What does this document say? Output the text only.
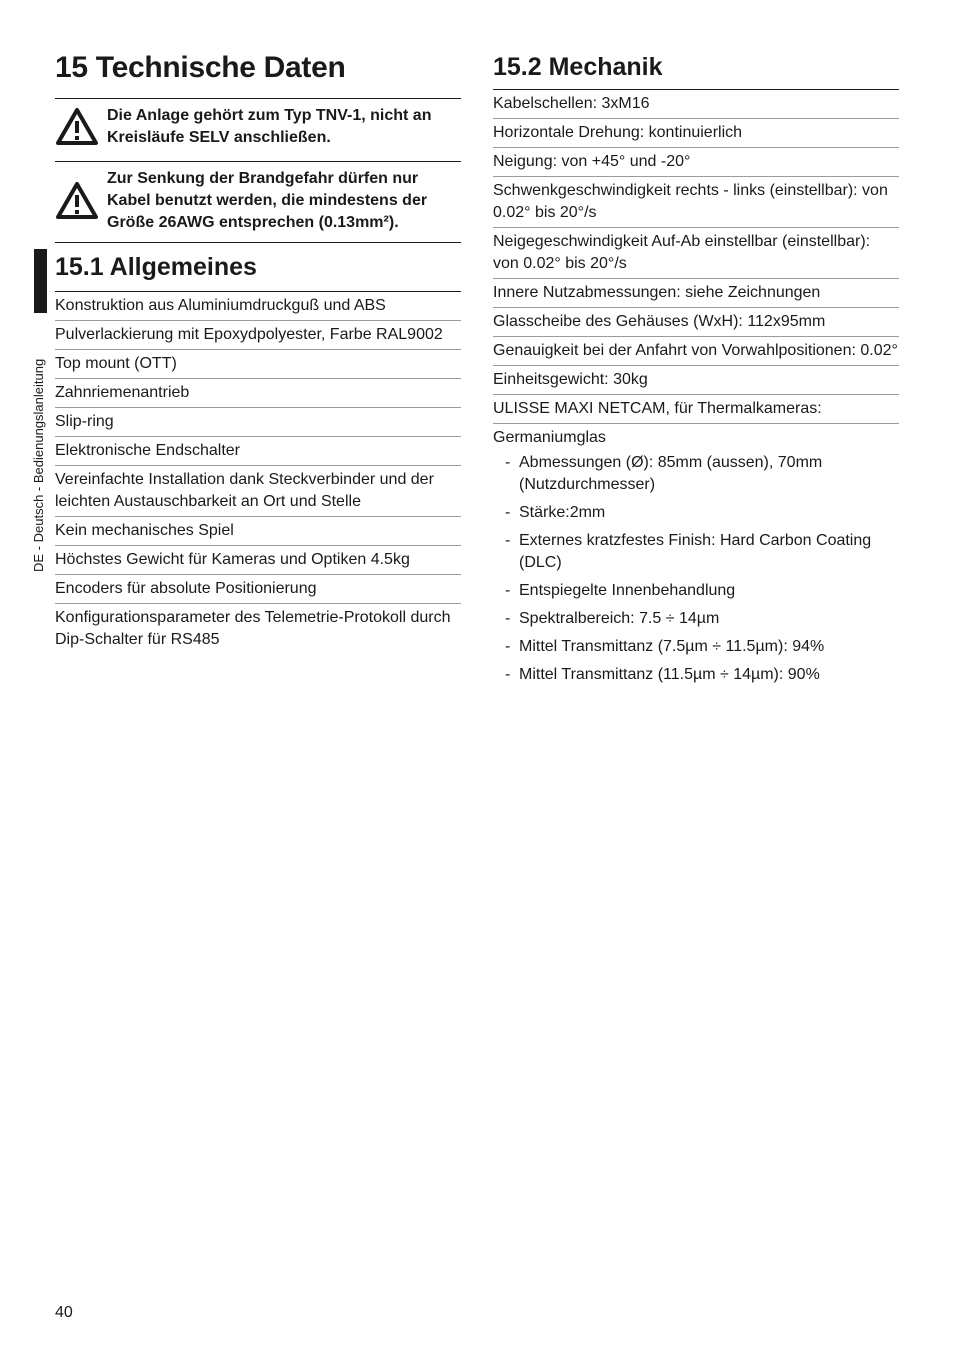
DE - Deutsch - Bedienungslanleitung
15 Technische Daten
Die Anlage gehört zum Typ TNV-1, nicht an Kreisläufe SELV anschließen.
Zur Senkung der Brandgefahr dürfen nur Kabel benutzt werden, die mindestens der Größe 26AWG entsprechen (0.13mm²).
15.1 Allgemeines
Konstruktion aus Aluminiumdruckguß und ABS
Pulverlackierung mit Epoxydpolyester, Farbe RAL9002
Top mount (OTT)
Zahnriemenantrieb
Slip-ring
Elektronische Endschalter
Vereinfachte Installation dank Steckverbinder und der leichten Austauschbarkeit an Ort und Stelle
Kein mechanisches Spiel
Höchstes Gewicht für Kameras und Optiken 4.5kg
Encoders für absolute Positionierung
Konfigurationsparameter des Telemetrie-Protokoll durch Dip-Schalter für RS485
15.2 Mechanik
Kabelschellen: 3xM16
Horizontale Drehung: kontinuierlich
Neigung: von +45° und -20°
Schwenkgeschwindigkeit rechts - links (einstellbar): von 0.02° bis 20°/s
Neigegeschwindigkeit Auf-Ab einstellbar (einstellbar): von 0.02° bis 20°/s
Innere Nutzabmessungen: siehe Zeichnungen
Glasscheibe des Gehäuses (WxH): 112x95mm
Genauigkeit bei der Anfahrt von Vorwahlpositionen: 0.02°
Einheitsgewicht: 30kg
ULISSE MAXI NETCAM, für Thermalkameras:
Germaniumglas
- Abmessungen (Ø): 85mm (aussen), 70mm (Nutzdurchmesser)
- Stärke:2mm
- Externes kratzfestes Finish: Hard Carbon Coating (DLC)
- Entspiegelte Innenbehandlung
- Spektralbereich: 7.5 ÷ 14µm
- Mittel Transmittanz (7.5µm ÷ 11.5µm): 94%
- Mittel Transmittanz (11.5µm ÷ 14µm): 90%
40
